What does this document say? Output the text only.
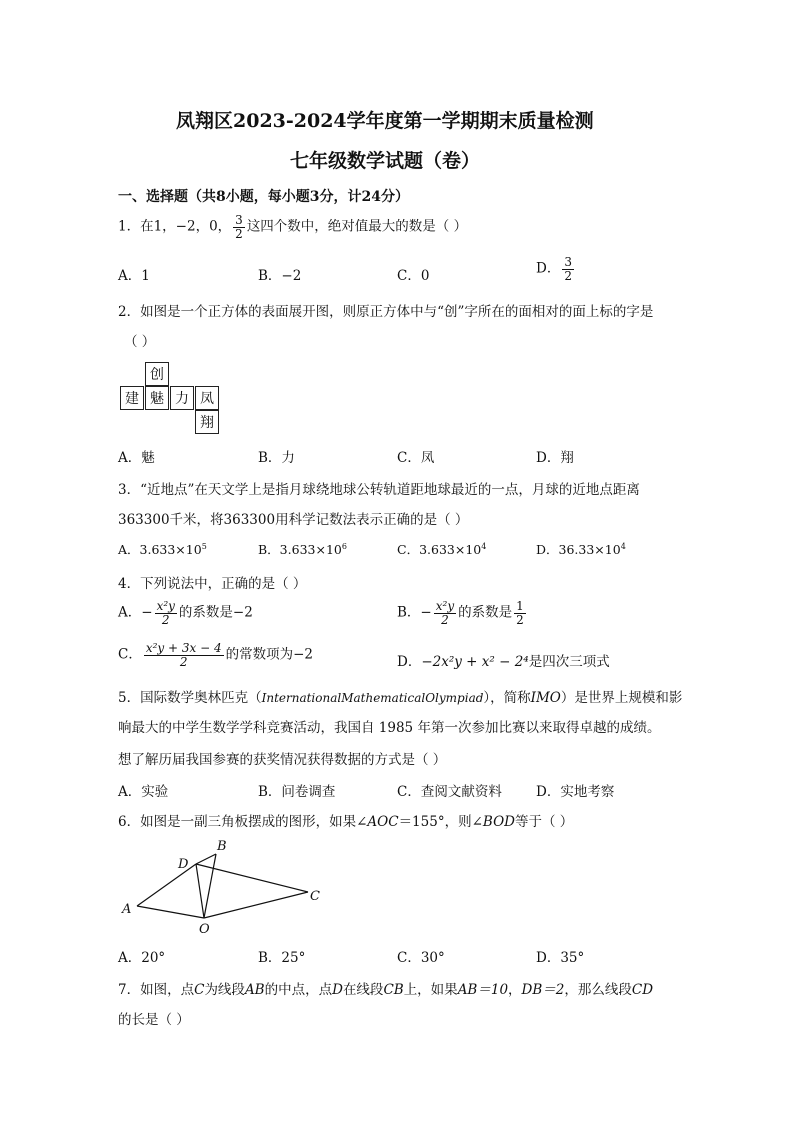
凤翔区2023-2024学年度第一学期期末质量检测
七年级数学试题（卷）
一、选择题（共8小题，每小题3分，计24分）
1．在1，−2，0， $\frac{3}{2}$ 这四个数中，绝对值最大的数是（ ）
A．1	B．−2	C．0	D． $\frac{3}{2}$
2．如图是一个正方体的表面展开图，则原正方体中与“创”字所在的面相对的面上标的字是
（ ）
创
建 魅 力 凤
翔
A．魅	B．力	C．凤	D．翔
3．“近地点”在天文学上是指月球绕地球公转轨道距地球最近的一点，月球的近地点距离
363300千米，将363300用科学记数法表示正确的是（ ）
A．$3.633\times 10^5$	B．$3.633\times 10^6$	C．$3.633\times 10^4$	D．$36.33\times 10^4$
4．下列说法中，正确的是（ ）
A．− $\frac{\text{x²y}}{2}$ 的系数是−2	B．− $\frac{\text{x²y}}{2}$ 的系数是 $\frac{1}{2}$
C． $\frac{\text{x²y + 3x − 4}}{2}$ 的常数项为−2	D．−2x²y + x² − 2⁴是四次三项式
5．国际数学奥林匹克（InternationalMathematicalOlympiad），简称IMO）是世界上规模和影
响最大的中学生数学学科竞赛活动，我国自 1985 年第一次参加比赛以来取得卓越的成绩。
想了解历届我国参赛的获奖情况获得数据的方式是（ ）
A．实验	B．问卷调查	C．查阅文献资料	D．实地考察
6．如图是一副三角板摆成的图形，如果∠AOC＝155°，则∠BOD等于（ ）
A
B
C
D
O
A．20°	B．25°	C．30°	D．35°
7．如图，点C为线段AB的中点，点D在线段CB上，如果AB＝10，DB＝2，那么线段CD
的长是（ ）
